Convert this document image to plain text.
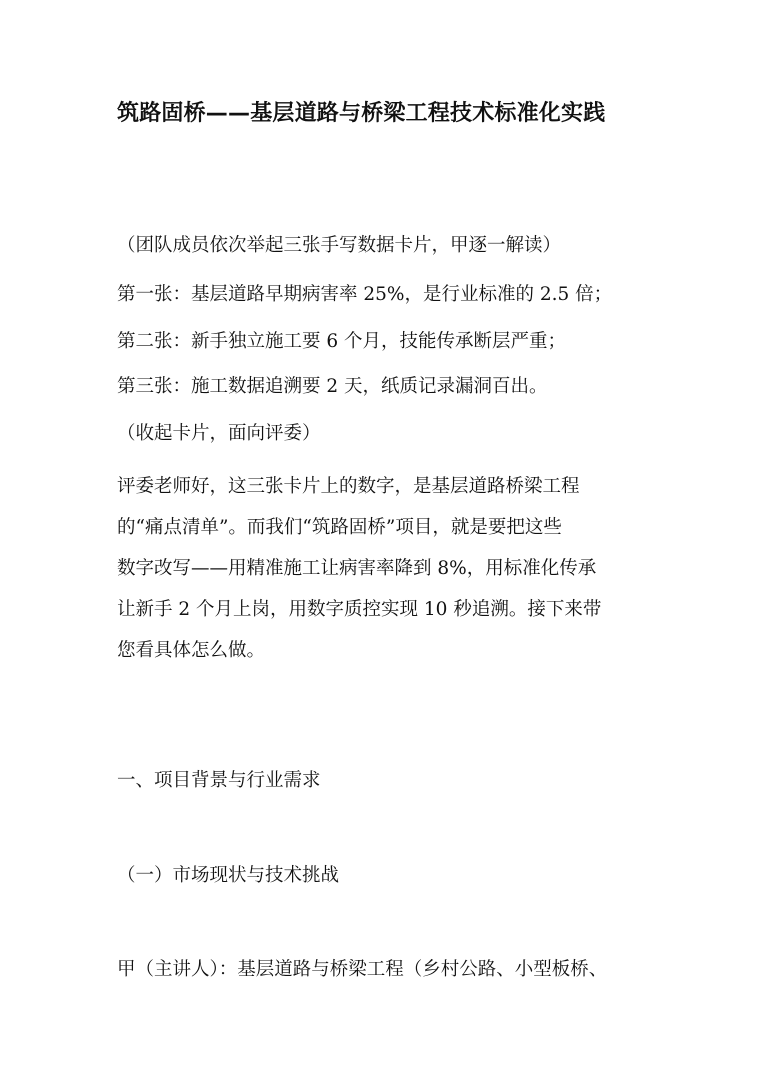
筑路固桥——基层道路与桥梁工程技术标准化实践

（团队成员依次举起三张手写数据卡片，甲逐一解读）

第一张：基层道路早期病害率 25%，是行业标准的 2.5 倍；

第二张：新手独立施工要 6 个月，技能传承断层严重；

第三张：施工数据追溯要 2 天，纸质记录漏洞百出。

（收起卡片，面向评委）

评委老师好，这三张卡片上的数字，是基层道路桥梁工程
的“痛点清单”。而我们“筑路固桥”项目，就是要把这些
数字改写——用精准施工让病害率降到 8%，用标准化传承
让新手 2 个月上岗，用数字质控实现 10 秒追溯。接下来带
您看具体怎么做。

一、项目背景与行业需求

（一）市场现状与技术挑战

甲（主讲人）：基层道路与桥梁工程（乡村公路、小型板桥、
